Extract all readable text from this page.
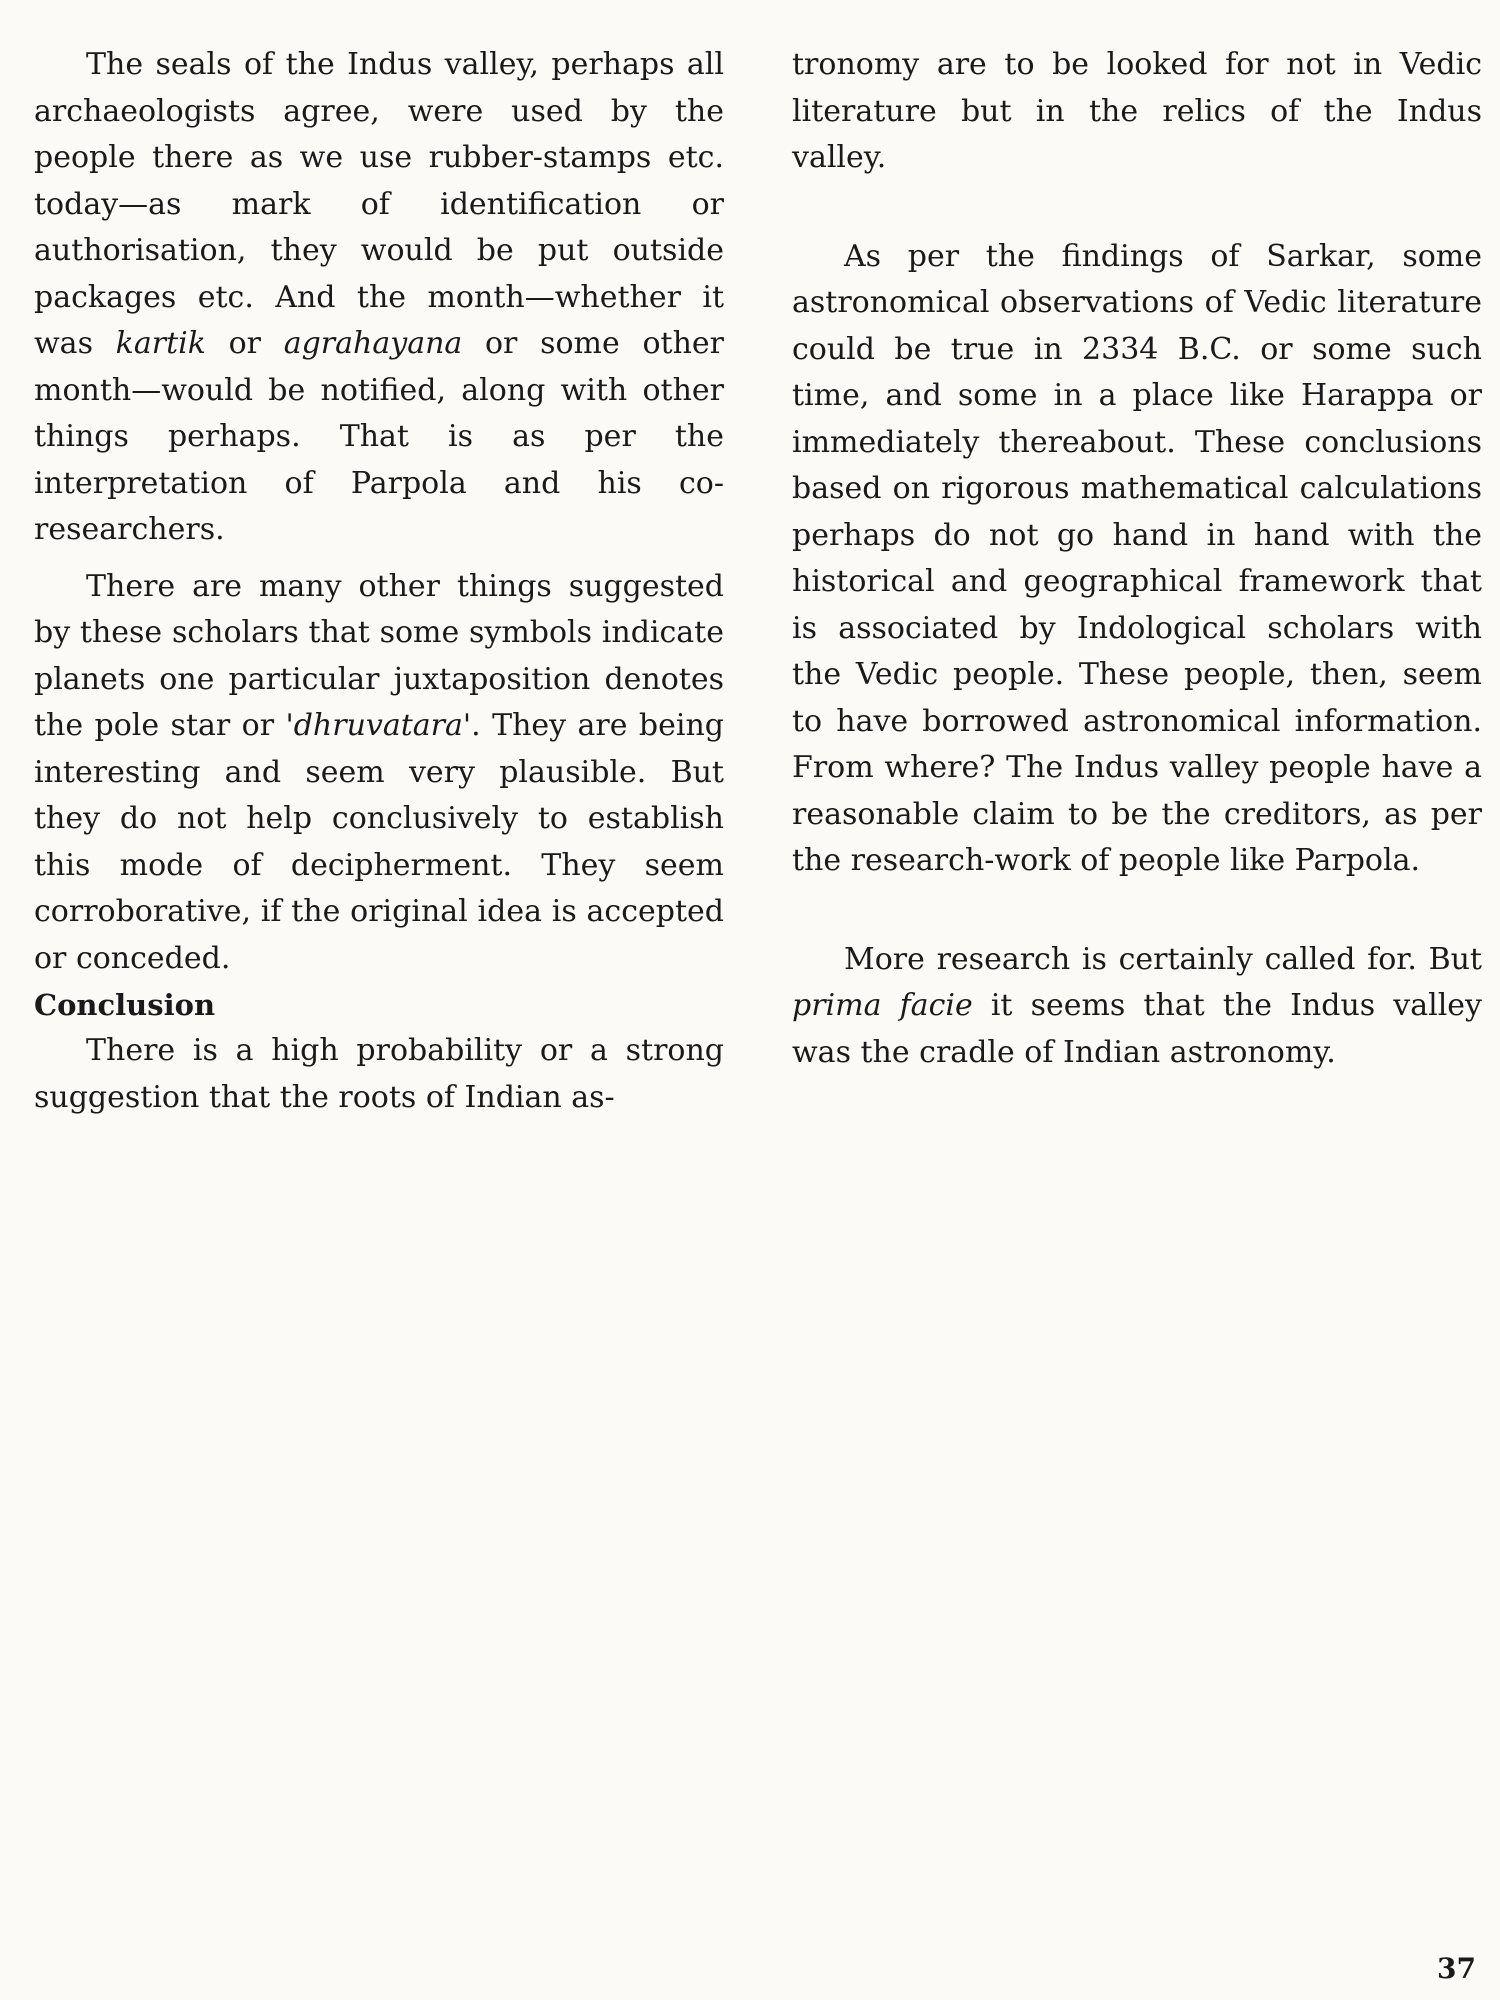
The seals of the Indus valley, perhaps all archaeologists agree, were used by the people there as we use rubber-stamps etc. today—as mark of identification or authorisation, they would be put outside packages etc. And the month—whether it was kartik or agrahayana or some other month—would be notified, along with other things perhaps. That is as per the interpretation of Parpola and his co-researchers.

There are many other things suggested by these scholars that some symbols indicate planets one particular juxtaposition denotes the pole star or 'dhruvatara'. They are being interesting and seem very plausible. But they do not help conclusively to establish this mode of decipherment. They seem corroborative, if the original idea is accepted or conceded.

Conclusion

There is a high probability or a strong suggestion that the roots of Indian as-

tronomy are to be looked for not in Vedic literature but in the relics of the Indus valley.

As per the findings of Sarkar, some astronomical observations of Vedic literature could be true in 2334 B.C. or some such time, and some in a place like Harappa or immediately thereabout. These conclusions based on rigorous mathematical calculations perhaps do not go hand in hand with the historical and geographical framework that is associated by Indological scholars with the Vedic people. These people, then, seem to have borrowed astronomical information. From where? The Indus valley people have a reasonable claim to be the creditors, as per the research-work of people like Parpola.

More research is certainly called for. But prima facie it seems that the Indus valley was the cradle of Indian astronomy.

37
